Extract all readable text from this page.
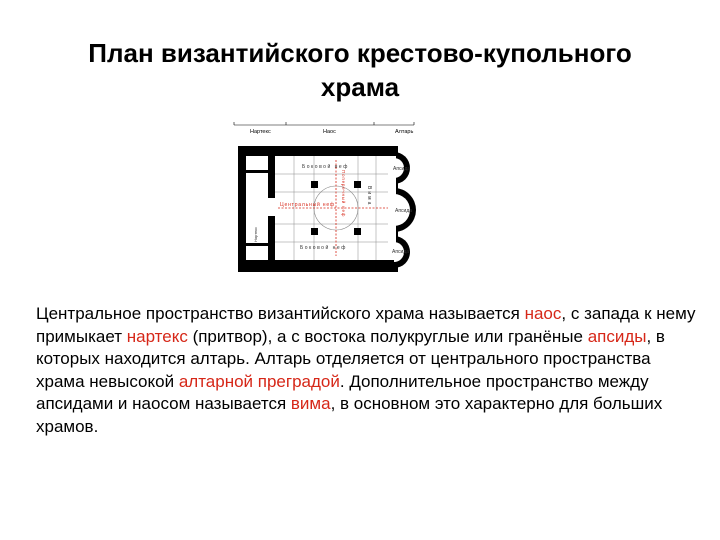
План византийского крестово-купольного
храма
Нартекс	Наос	Алтарь
Боковой неф
Боковой неф
Центральный неф Поперечный неф	Вима
Нартекс
Апсида
Апсида
Апсида
Центральное пространство византийского храма называется наос, с запада к нему примыкает нартекс (притвор), а с востока полукруглые или гранёные апсиды, в которых находится алтарь. Алтарь отделяется от центрального пространства храма невысокой алтарной преградой. Дополнительное пространство между апсидами и наосом называется вима, в основном это характерно для больших храмов.
